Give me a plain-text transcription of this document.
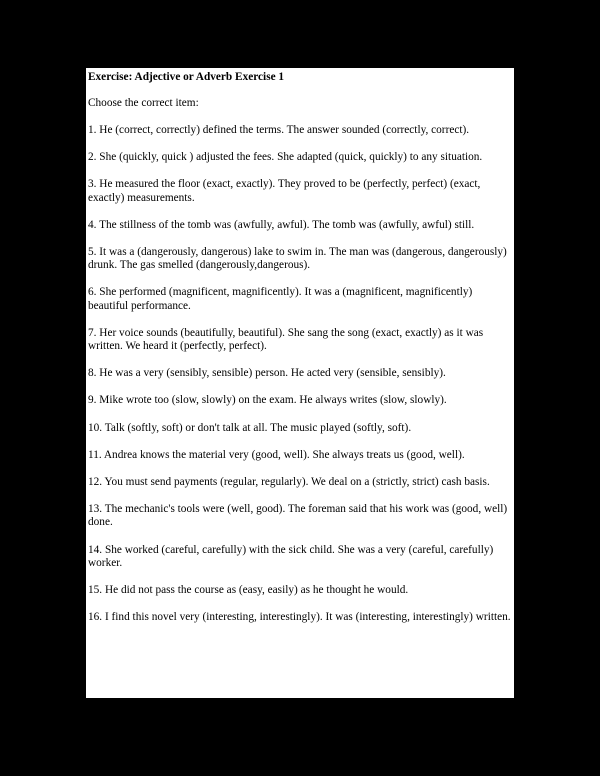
Exercise: Adjective or Adverb Exercise 1
Choose the correct item:
1. He (correct, correctly) defined the terms. The answer sounded (correctly, correct).
2. She (quickly, quick ) adjusted the fees. She adapted (quick, quickly) to any situation.
3. He measured the floor (exact, exactly). They proved to be (perfectly, perfect) (exact, exactly) measurements.
4. The stillness of the tomb was (awfully, awful). The tomb was (awfully, awful) still.
5. It was a (dangerously, dangerous) lake to swim in. The man was (dangerous, dangerously) drunk. The gas smelled (dangerously,dangerous).
6. She performed (magnificent, magnificently). It was a (magnificent, magnificently) beautiful performance.
7. Her voice sounds (beautifully, beautiful). She sang the song (exact, exactly) as it was written. We heard it (perfectly, perfect).
8. He was a very (sensibly, sensible) person. He acted very (sensible, sensibly).
9. Mike wrote too (slow, slowly) on the exam. He always writes (slow, slowly).
10. Talk (softly, soft) or don't talk at all. The music played (softly, soft).
11. Andrea knows the material very (good, well). She always treats us (good, well).
12. You must send payments (regular, regularly). We deal on a (strictly, strict) cash basis.
13. The mechanic's tools were (well, good). The foreman said that his work was (good, well) done.
14. She worked (careful, carefully) with the sick child. She was a very (careful, carefully) worker.
15. He did not pass the course as (easy, easily) as he thought he would.
16. I find this novel very (interesting, interestingly). It was (interesting, interestingly) written.
